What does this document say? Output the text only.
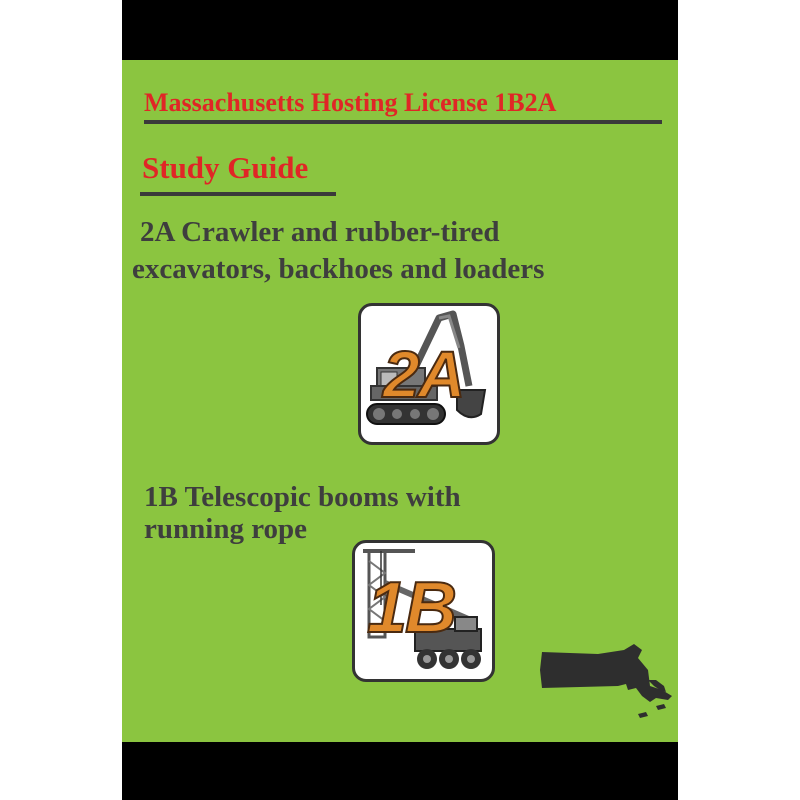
Massachusetts Hosting License 1B2A
Study Guide
2A Crawler and rubber-tired
excavators, backhoes and loaders
2A
1B Telescopic booms with
running rope
1B
